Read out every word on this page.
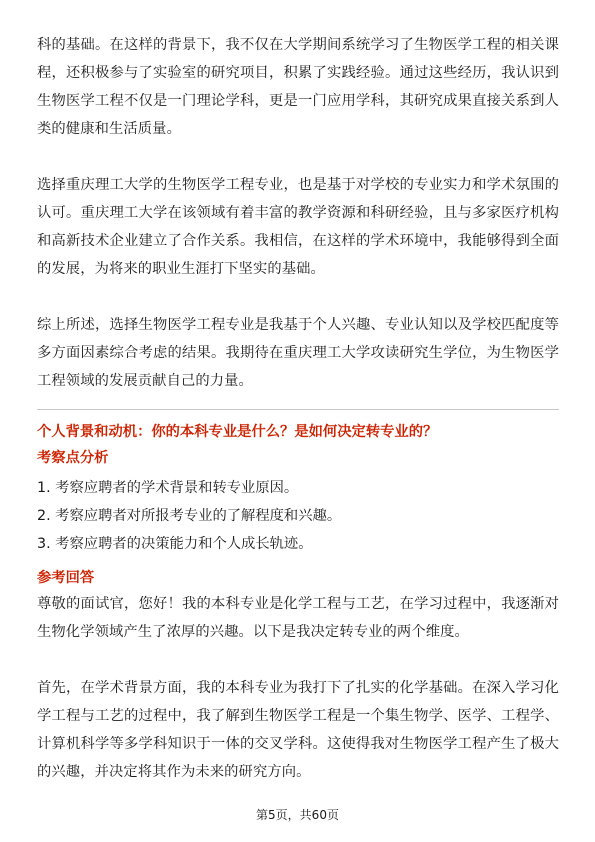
科的基础。在这样的背景下，我不仅在大学期间系统学习了生物医学工程的相关课程，还积极参与了实验室的研究项目，积累了实践经验。通过这些经历，我认识到生物医学工程不仅是一门理论学科，更是一门应用学科，其研究成果直接关系到人类的健康和生活质量。

选择重庆理工大学的生物医学工程专业，也是基于对学校的专业实力和学术氛围的认可。重庆理工大学在该领域有着丰富的教学资源和科研经验，且与多家医疗机构和高新技术企业建立了合作关系。我相信，在这样的学术环境中，我能够得到全面的发展，为将来的职业生涯打下坚实的基础。

综上所述，选择生物医学工程专业是我基于个人兴趣、专业认知以及学校匹配度等多方面因素综合考虑的结果。我期待在重庆理工大学攻读研究生学位，为生物医学工程领域的发展贡献自己的力量。

个人背景和动机：你的本科专业是什么？是如何决定转专业的？

考察点分析

1. 考察应聘者的学术背景和转专业原因。
2. 考察应聘者对所报考专业的了解程度和兴趣。
3. 考察应聘者的决策能力和个人成长轨迹。

参考回答

尊敬的面试官，您好！我的本科专业是化学工程与工艺，在学习过程中，我逐渐对生物化学领域产生了浓厚的兴趣。以下是我决定转专业的两个维度。

首先，在学术背景方面，我的本科专业为我打下了扎实的化学基础。在深入学习化学工程与工艺的过程中，我了解到生物医学工程是一个集生物学、医学、工程学、计算机科学等多学科知识于一体的交叉学科。这使得我对生物医学工程产生了极大的兴趣，并决定将其作为未来的研究方向。

第5页，共60页
